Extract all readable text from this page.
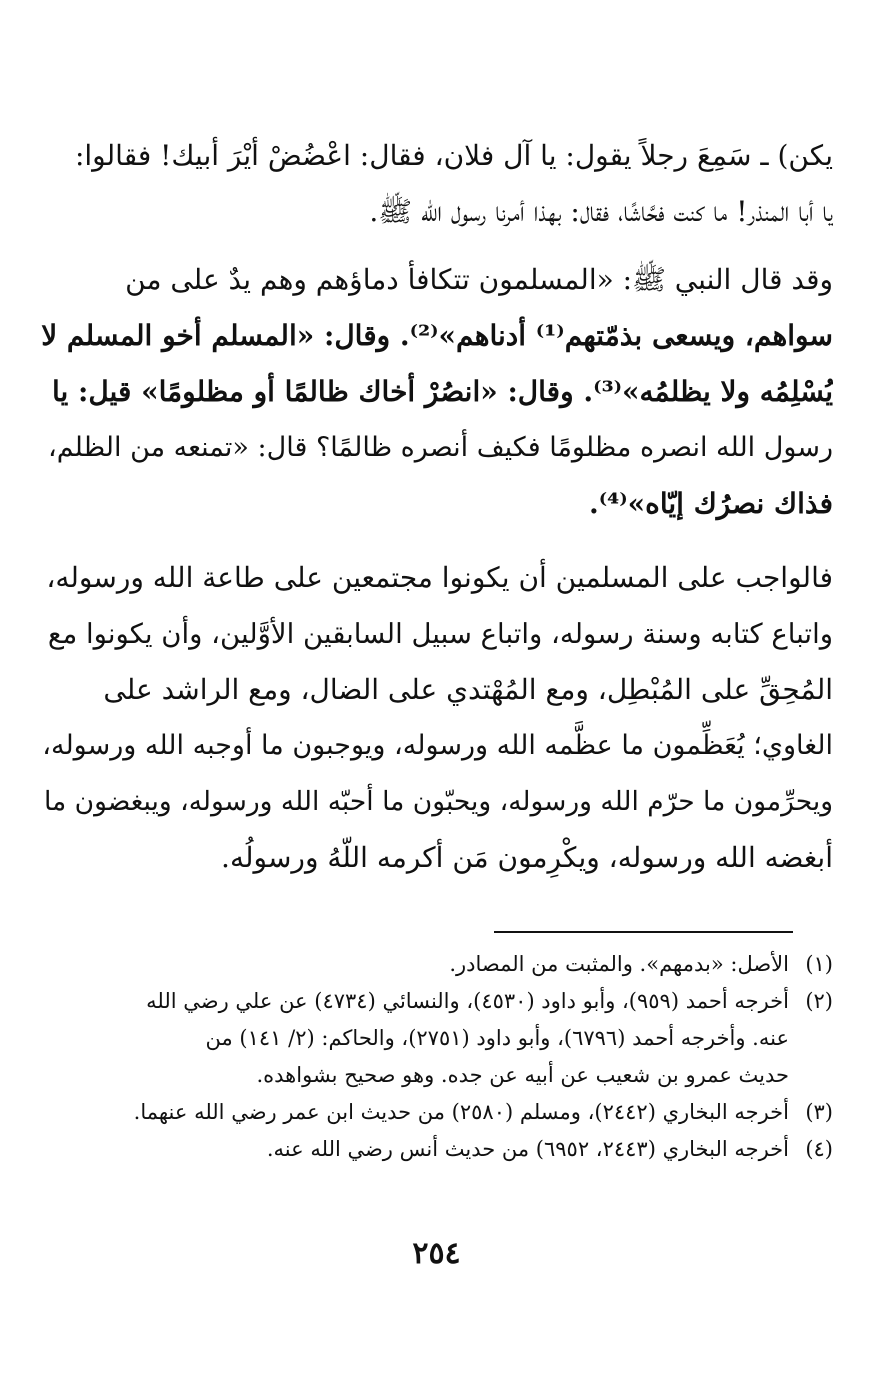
يكن) ـ سَمِعَ رجلاً يقول: يا آل فلان، فقال: اعْضُضْ أيْرَ أبيك! فقالوا:
يا أبا المنذر! ما كنت فحَّاشًا، فقال: بهذا أمرنا رسول الله ﷺ.

وقد قال النبي ﷺ: «المسلمون تتكافأ دماؤهم وهم يدٌ على من
سواهم، ويسعى بذمّتهم⁽¹⁾ أدناهم»⁽²⁾. وقال: «المسلم أخو المسلم لا
يُسْلِمُه ولا يظلمُه»⁽³⁾. وقال: «انصُرْ أخاك ظالمًا أو مظلومًا» قيل: يا
رسول الله انصره مظلومًا فكيف أنصره ظالمًا؟ قال: «تمنعه من الظلم،
فذاك نصرُك إيّاه»⁽⁴⁾.

فالواجب على المسلمين أن يكونوا مجتمعين على طاعة الله ورسوله،
واتباع كتابه وسنة رسوله، واتباع سبيل السابقين الأوَّلين، وأن يكونوا مع
المُحِقِّ على المُبْطِل، ومع المُهْتدي على الضال، ومع الراشد على
الغاوي؛ يُعَظِّمون ما عظَّمه الله ورسوله، ويوجبون ما أوجبه الله ورسوله،
ويحرِّمون ما حرّم الله ورسوله، ويحبّون ما أحبّه الله ورسوله، ويبغضون ما
أبغضه الله ورسوله، ويكْرِمون مَن أكرمه اللّهُ ورسولُه.

(١)
الأصل: «بدمهم». والمثبت من المصادر.
(٢)
أخرجه أحمد (٩٥٩)، وأبو داود (٤٥٣٠)، والنسائي (٤٧٣٤) عن علي رضي الله
عنه. وأخرجه أحمد (٦٧٩٦)، وأبو داود (٢٧٥١)، والحاكم: (٢/ ١٤١) من
حديث عمرو بن شعيب عن أبيه عن جده. وهو صحيح بشواهده.
(٣)
أخرجه البخاري (٢٤٤٢)، ومسلم (٢٥٨٠) من حديث ابن عمر رضي الله عنهما.
(٤)
أخرجه البخاري (٢٤٤٣، ٦٩٥٢) من حديث أنس رضي الله عنه.
٢٥٤
